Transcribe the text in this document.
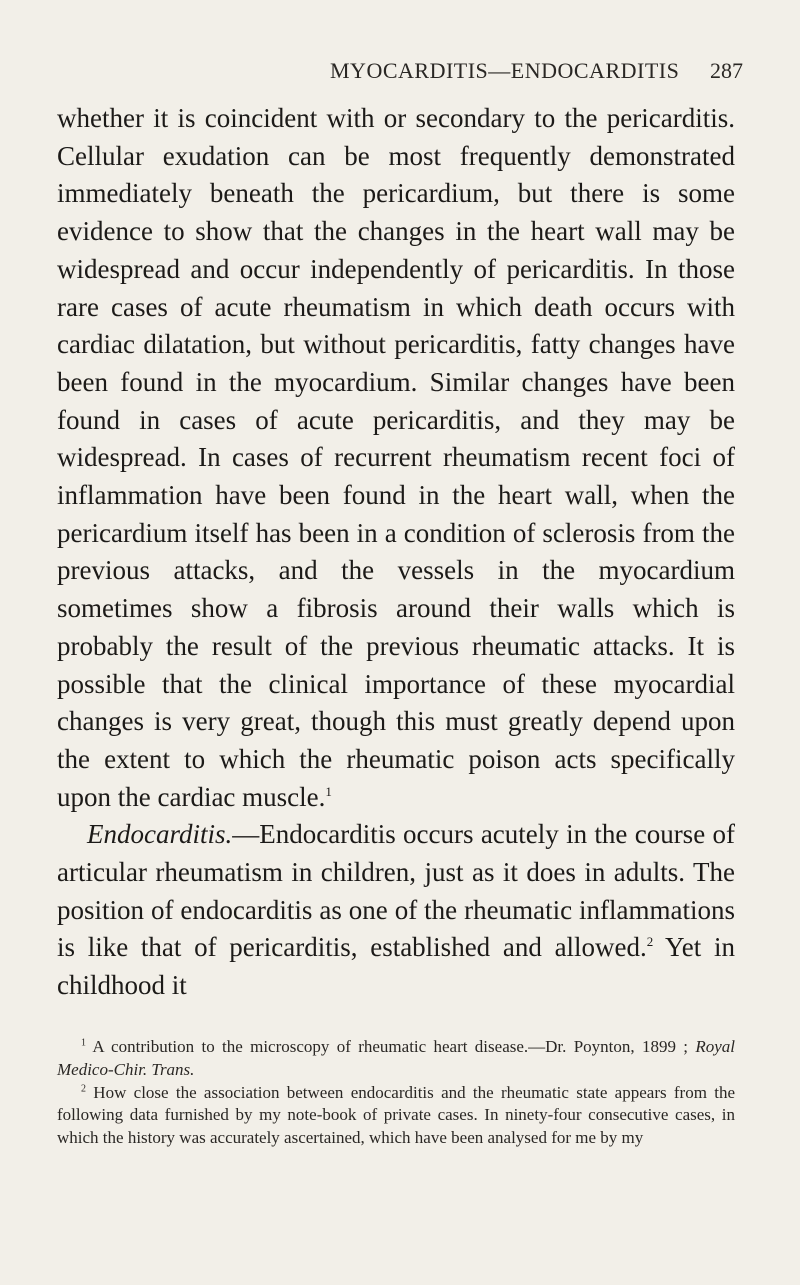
MYOCARDITIS—ENDOCARDITIS 287

whether it is coincident with or secondary to the pericarditis. Cellular exudation can be most frequently demonstrated immediately beneath the pericardium, but there is some evidence to show that the changes in the heart wall may be widespread and occur independently of pericarditis. In those rare cases of acute rheumatism in which death occurs with cardiac dilatation, but without pericarditis, fatty changes have been found in the myocardium. Similar changes have been found in cases of acute pericarditis, and they may be widespread. In cases of recurrent rheumatism recent foci of inflammation have been found in the heart wall, when the pericardium itself has been in a condition of sclerosis from the previous attacks, and the vessels in the myocardium sometimes show a fibrosis around their walls which is probably the result of the previous rheumatic attacks. It is possible that the clinical importance of these myocardial changes is very great, though this must greatly depend upon the extent to which the rheumatic poison acts specifically upon the cardiac muscle.$^1$

Endocarditis.—Endocarditis occurs acutely in the course of articular rheumatism in children, just as it does in adults. The position of endocarditis as one of the rheumatic inflammations is like that of pericarditis, established and allowed.$^2$ Yet in childhood it

$^1$ A contribution to the microscopy of rheumatic heart disease.—Dr. Poynton, 1899 ; Royal Medico-Chir. Trans.

$^2$ How close the association between endocarditis and the rheumatic state appears from the following data furnished by my note-book of private cases. In ninety-four consecutive cases, in which the history was accurately ascertained, which have been analysed for me by my
